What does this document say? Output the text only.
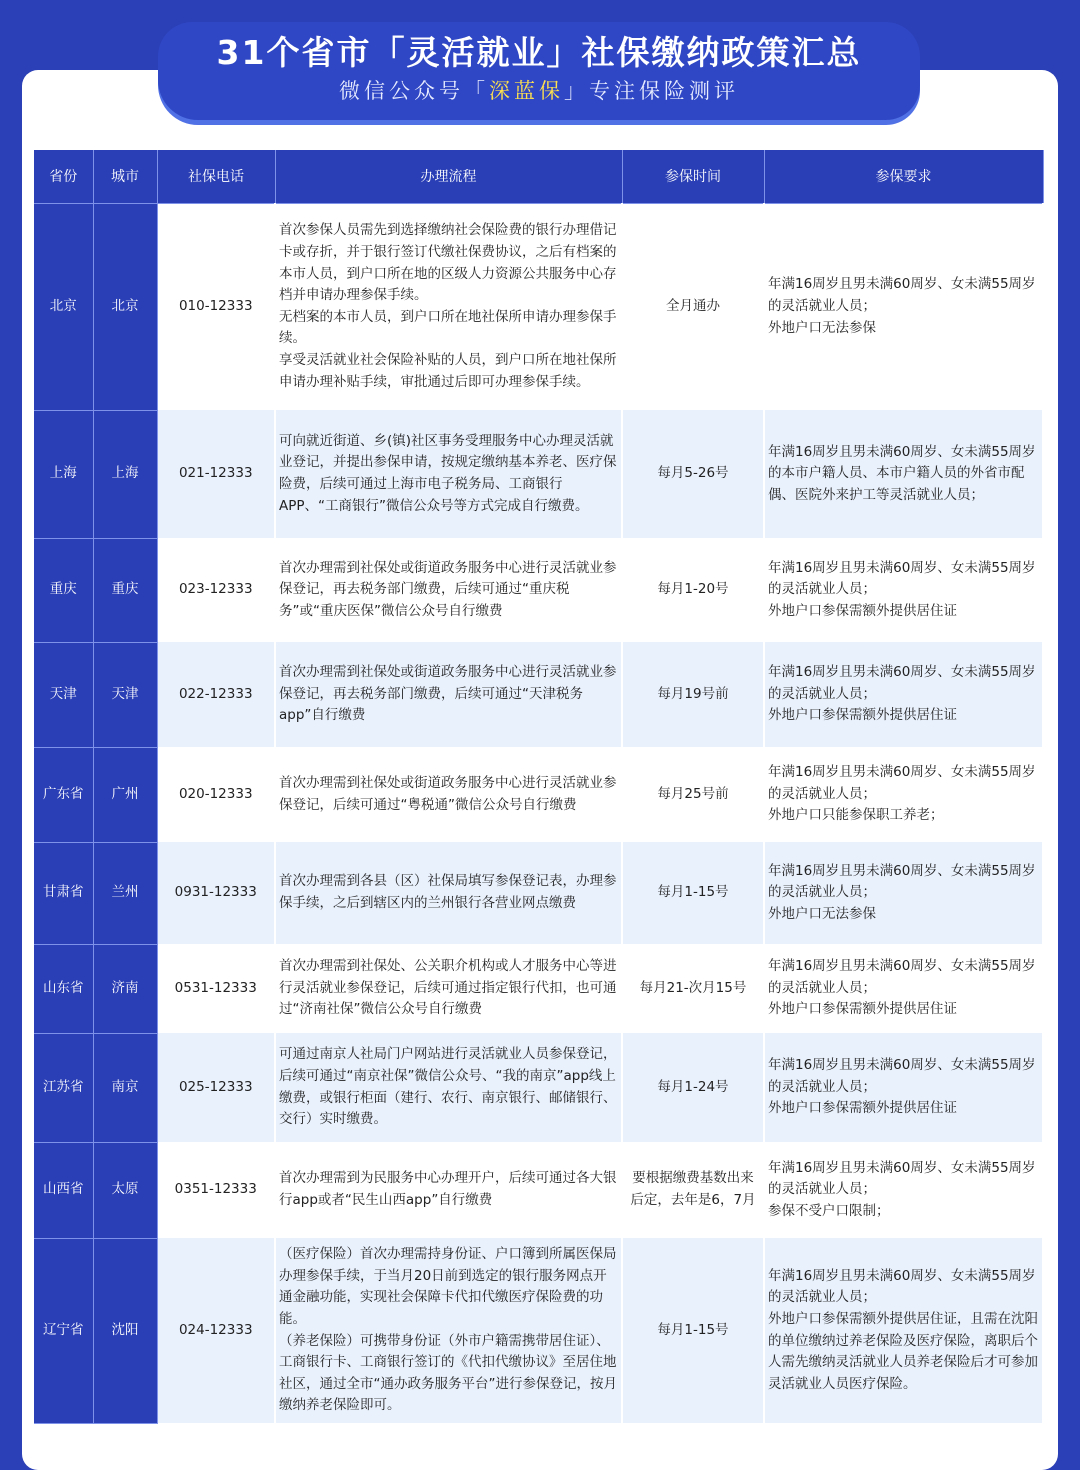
31个省市「灵活就业」社保缴纳政策汇总
微信公众号「深蓝保」专注保险测评
省份	城市	社保电话	办理流程	参保时间	参保要求
北京	北京	010-12333	首次参保人员需先到选择缴纳社会保险费的银行办理借记卡或存折，并于银行签订代缴社保费协议，之后有档案的本市人员，到户口所在地的区级人力资源公共服务中心存档并申请办理参保手续。
无档案的本市人员，到户口所在地社保所申请办理参保手续。
享受灵活就业社会保险补贴的人员，到户口所在地社保所申请办理补贴手续，审批通过后即可办理参保手续。	全月通办	年满16周岁且男未满60周岁、女未满55周岁的灵活就业人员；
外地户口无法参保
上海	上海	021-12333	可向就近街道、乡(镇)社区事务受理服务中心办理灵活就业登记，并提出参保申请，按规定缴纳基本养老、医疗保险费，后续可通过上海市电子税务局、工商银行APP、“工商银行”微信公众号等方式完成自行缴费。	每月5-26号	年满16周岁且男未满60周岁、女未满55周岁的本市户籍人员、本市户籍人员的外省市配偶、医院外来护工等灵活就业人员；
重庆	重庆	023-12333	首次办理需到社保处或街道政务服务中心进行灵活就业参保登记，再去税务部门缴费，后续可通过“重庆税务”或“重庆医保”微信公众号自行缴费	每月1-20号	年满16周岁且男未满60周岁、女未满55周岁的灵活就业人员；
外地户口参保需额外提供居住证
天津	天津	022-12333	首次办理需到社保处或街道政务服务中心进行灵活就业参保登记，再去税务部门缴费，后续可通过“天津税务app”自行缴费	每月19号前	年满16周岁且男未满60周岁、女未满55周岁的灵活就业人员；
外地户口参保需额外提供居住证
广东省	广州	020-12333	首次办理需到社保处或街道政务服务中心进行灵活就业参保登记，后续可通过“粤税通”微信公众号自行缴费	每月25号前	年满16周岁且男未满60周岁、女未满55周岁的灵活就业人员；
外地户口只能参保职工养老；
甘肃省	兰州	0931-12333	首次办理需到各县（区）社保局填写参保登记表，办理参保手续，之后到辖区内的兰州银行各营业网点缴费	每月1-15号	年满16周岁且男未满60周岁、女未满55周岁的灵活就业人员；
外地户口无法参保
山东省	济南	0531-12333	首次办理需到社保处、公关职介机构或人才服务中心等进行灵活就业参保登记，后续可通过指定银行代扣，也可通过“济南社保”微信公众号自行缴费	每月21-次月15号	年满16周岁且男未满60周岁、女未满55周岁的灵活就业人员；
外地户口参保需额外提供居住证
江苏省	南京	025-12333	可通过南京人社局门户网站进行灵活就业人员参保登记，后续可通过“南京社保”微信公众号、“我的南京”app线上缴费，或银行柜面（建行、农行、南京银行、邮储银行、交行）实时缴费。	每月1-24号	年满16周岁且男未满60周岁、女未满55周岁的灵活就业人员；
外地户口参保需额外提供居住证
山西省	太原	0351-12333	首次办理需到为民服务中心办理开户，后续可通过各大银行app或者“民生山西app”自行缴费	要根据缴费基数出来后定，去年是6，7月	年满16周岁且男未满60周岁、女未满55周岁的灵活就业人员；
参保不受户口限制；
辽宁省	沈阳	024-12333	（医疗保险）首次办理需持身份证、户口簿到所属医保局办理参保手续，于当月20日前到选定的银行服务网点开通金融功能，实现社会保障卡代扣代缴医疗保险费的功能。
（养老保险）可携带身份证（外市户籍需携带居住证）、工商银行卡、工商银行签订的《代扣代缴协议》至居住地社区，通过全市“通办政务服务平台”进行参保登记，按月缴纳养老保险即可。	每月1-15号	年满16周岁且男未满60周岁、女未满55周岁的灵活就业人员；
外地户口参保需额外提供居住证，且需在沈阳的单位缴纳过养老保险及医疗保险，离职后个人需先缴纳灵活就业人员养老保险后才可参加灵活就业人员医疗保险。
